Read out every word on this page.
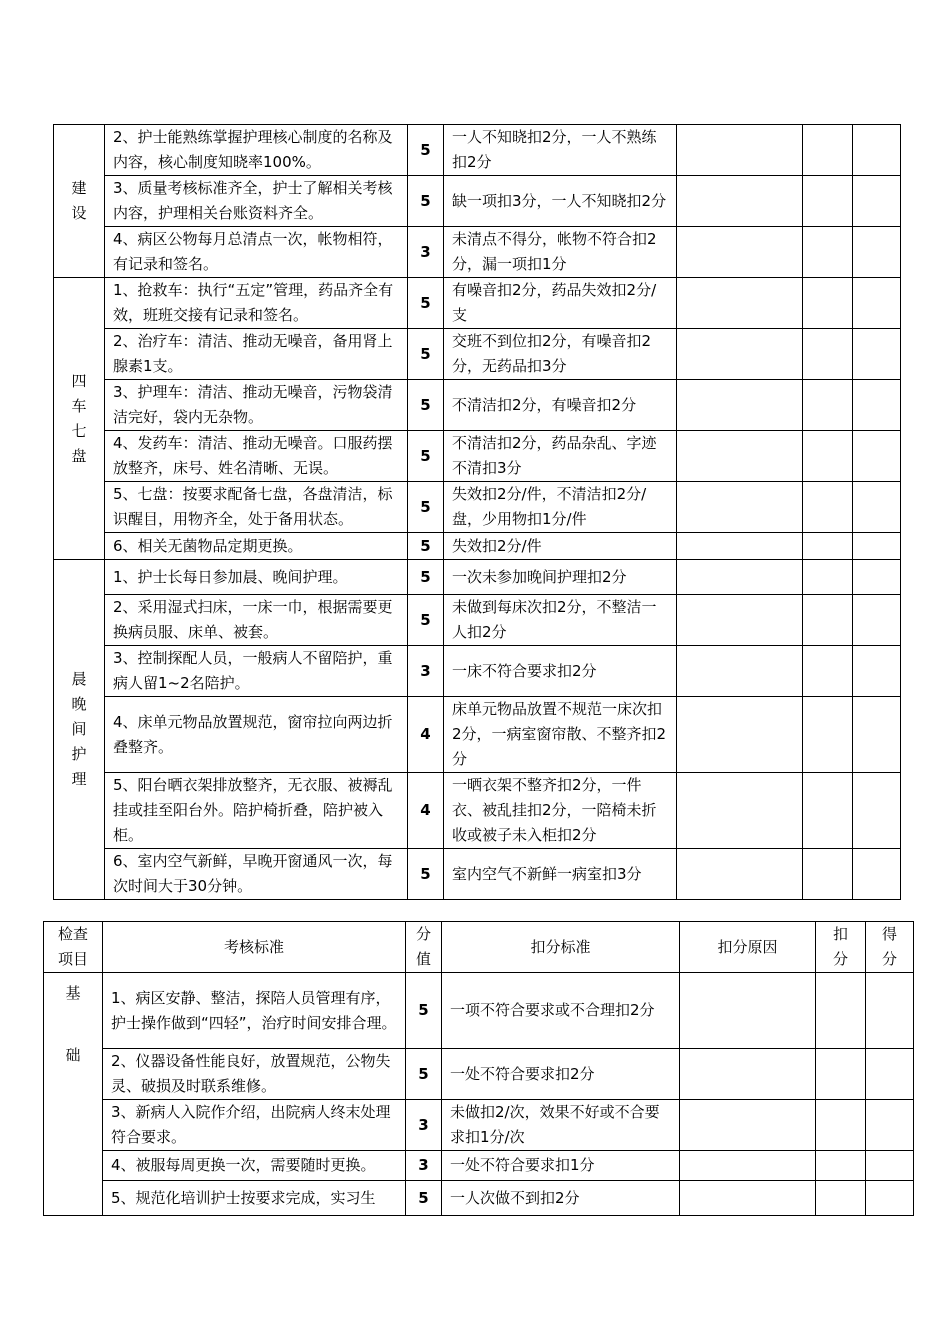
建设	2、护士能熟练掌握护理核心制度的名称及内容，核心制度知晓率100%。	5	一人不知晓扣2分，一人不熟练扣2分			
	3、质量考核标准齐全，护士了解相关考核内容，护理相关台账资料齐全。	5	缺一项扣3分，一人不知晓扣2分			
	4、病区公物每月总清点一次，帐物相符，有记录和签名。	3	未清点不得分，帐物不符合扣2分，漏一项扣1分			

四车七盘	1、抢救车：执行“五定”管理，药品齐全有效，班班交接有记录和签名。	5	有噪音扣2分，药品失效扣2分/支			
	2、治疗车：清洁、推动无噪音，备用肾上腺素1支。	5	交班不到位扣2分，有噪音扣2分，无药品扣3分			
	3、护理车：清洁、推动无噪音，污物袋清洁完好，袋内无杂物。	5	不清洁扣2分，有噪音扣2分			
	4、发药车：清洁、推动无噪音。口服药摆放整齐，床号、姓名清晰、无误。	5	不清洁扣2分，药品杂乱、字迹不清扣3分			
	5、七盘：按要求配备七盘，各盘清洁，标识醒目，用物齐全，处于备用状态。	5	失效扣2分/件，不清洁扣2分/盘，少用物扣1分/件			
	6、相关无菌物品定期更换。	5	失效扣2分/件			

晨晚间护理	1、护士长每日参加晨、晚间护理。	5	一次未参加晚间护理扣2分			
	2、采用湿式扫床，一床一巾，根据需要更换病员服、床单、被套。	5	未做到每床次扣2分，不整洁一人扣2分			
	3、控制探配人员，一般病人不留陪护，重病人留1~2名陪护。	3	一床不符合要求扣2分			
	4、床单元物品放置规范，窗帘拉向两边折叠整齐。	4	床单元物品放置不规范一床次扣2分，一病室窗帘散、不整齐扣2分			
	5、阳台晒衣架排放整齐，无衣服、被褥乱挂或挂至阳台外。陪护椅折叠，陪护被入柜。	4	一晒衣架不整齐扣2分，一件衣、被乱挂扣2分，一陪椅未折收或被子未入柜扣2分			
	6、室内空气新鲜，早晚开窗通风一次，每次时间大于30分钟。	5	室内空气不新鲜一病室扣3分			
检查项目	考核标准	分值	扣分标准	扣分原因	扣分	得分

基
础	1、病区安静、整洁，探陪人员管理有序，护士操作做到“四轻”，治疗时间安排合理。	5	一项不符合要求或不合理扣2分			
	2、仪器设备性能良好，放置规范，公物失灵、破损及时联系维修。	5	一处不符合要求扣2分			
	3、新病人入院作介绍，出院病人终末处理符合要求。	3	未做扣2/次，效果不好或不合要求扣1分/次			
	4、被服每周更换一次，需要随时更换。	3	一处不符合要求扣1分			
	5、规范化培训护士按要求完成，实习生	5	一人次做不到扣2分			
